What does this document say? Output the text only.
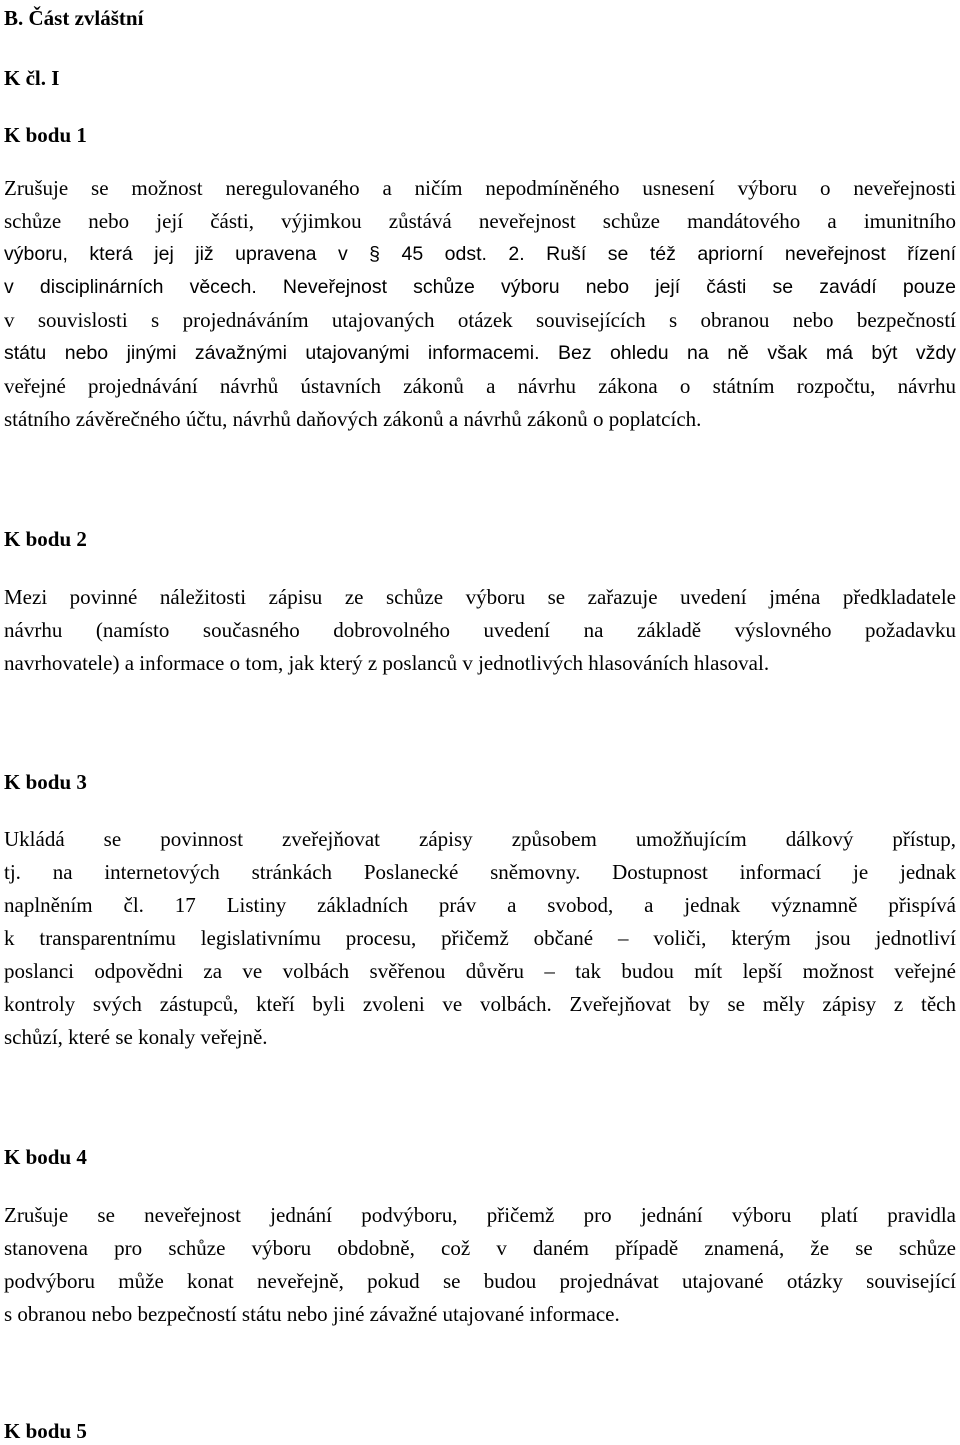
B. Část zvláštní
K čl. I
K bodu 1

Zrušuje se možnost neregulovaného a ničím nepodmíněného usnesení výboru o neveřejnosti

schůze nebo její části, výjimkou zůstává neveřejnost schůze mandátového a imunitního

výboru, která jej již upravena v § 45 odst. 2. Ruší se též apriorní neveřejnost řízení

v disciplinárních věcech. Neveřejnost schůze výboru nebo její části se zavádí pouze

v souvislosti s projednáváním utajovaných otázek souvisejících s obranou nebo bezpečností

státu nebo jinými závažnými utajovanými informacemi. Bez ohledu na ně však má být vždy

veřejné projednávání návrhů ústavních zákonů a návrhu zákona o státním rozpočtu, návrhu

státního závěrečného účtu, návrhů daňových zákonů a návrhů zákonů o poplatcích.

K bodu 2

Mezi povinné náležitosti zápisu ze schůze výboru se zařazuje uvedení jména předkladatele

návrhu (namísto současného dobrovolného uvedení na základě výslovného požadavku

navrhovatele) a informace o tom, jak který z poslanců v jednotlivých hlasováních hlasoval.

K bodu 3

Ukládá se povinnost zveřejňovat zápisy způsobem umožňujícím dálkový přístup,

tj. na internetových stránkách Poslanecké sněmovny. Dostupnost informací je jednak

naplněním čl. 17 Listiny základních práv a svobod, a jednak významně přispívá

k transparentnímu legislativnímu procesu, přičemž občané – voliči, kterým jsou jednotliví

poslanci odpovědni za ve volbách svěřenou důvěru – tak budou mít lepší možnost veřejné

kontroly svých zástupců, kteří byli zvoleni ve volbách. Zveřejňovat by se měly zápisy z těch

schůzí, které se konaly veřejně.

K bodu 4

Zrušuje se neveřejnost jednání podvýboru, přičemž pro jednání výboru platí pravidla

stanovena pro schůze výboru obdobně, což v daném případě znamená, že se schůze

podvýboru může konat neveřejně, pokud se budou projednávat utajované otázky související

s obranou nebo bezpečností státu nebo jiné závažné utajované informace.

K bodu 5
